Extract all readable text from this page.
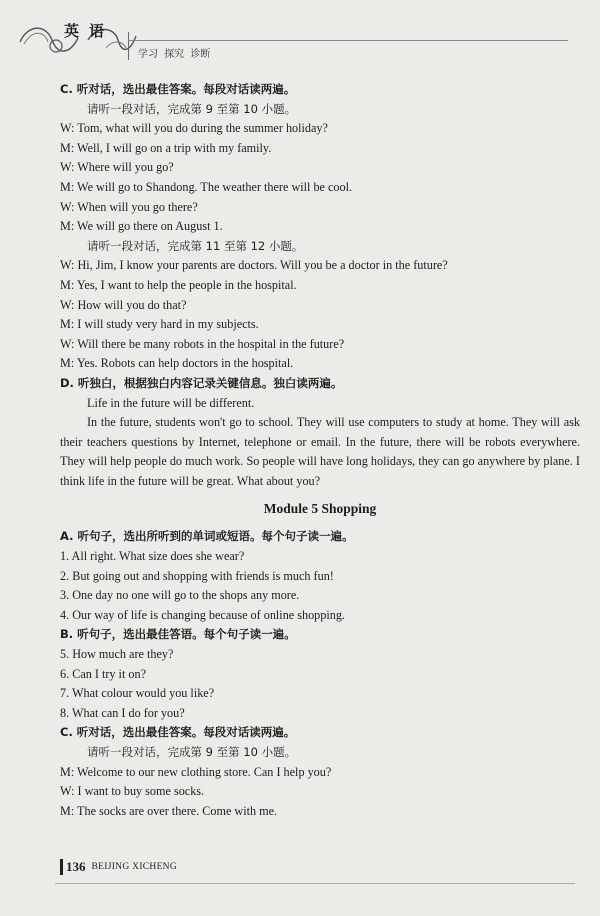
英语
学习 探究 诊断
C. 听对话，选出最佳答案。每段对话读两遍。
请听一段对话，完成第 9 至第 10 小题。
W: Tom, what will you do during the summer holiday?
M: Well, I will go on a trip with my family.
W: Where will you go?
M: We will go to Shandong. The weather there will be cool.
W: When will you go there?
M: We will go there on August 1.
请听一段对话，完成第 11 至第 12 小题。
W: Hi, Jim, I know your parents are doctors. Will you be a doctor in the future?
M: Yes, I want to help the people in the hospital.
W: How will you do that?
M: I will study very hard in my subjects.
W: Will there be many robots in the hospital in the future?
M: Yes. Robots can help doctors in the hospital.
D. 听独白，根据独白内容记录关键信息。独白读两遍。
Life in the future will be different.

In the future, students won't go to school. They will use computers to study at home. They will ask their teachers questions by Internet, telephone or email. In the future, there will be robots everywhere. They will help people do much work. So people will have long holidays, they can go anywhere by plane. I think life in the future will be great. What about you?

Module 5 Shopping
A. 听句子，选出所听到的单词或短语。每个句子读一遍。
1. All right. What size does she wear?
2. But going out and shopping with friends is much fun!
3. One day no one will go to the shops any more.
4. Our way of life is changing because of online shopping.
B. 听句子，选出最佳答语。每个句子读一遍。
5. How much are they?
6. Can I try it on?
7. What colour would you like?
8. What can I do for you?
C. 听对话，选出最佳答案。每段对话读两遍。
请听一段对话，完成第 9 至第 10 小题。
M: Welcome to our new clothing store. Can I help you?
W: I want to buy some socks.
M: The socks are over there. Come with me.
136 BEIJING XICHENG
